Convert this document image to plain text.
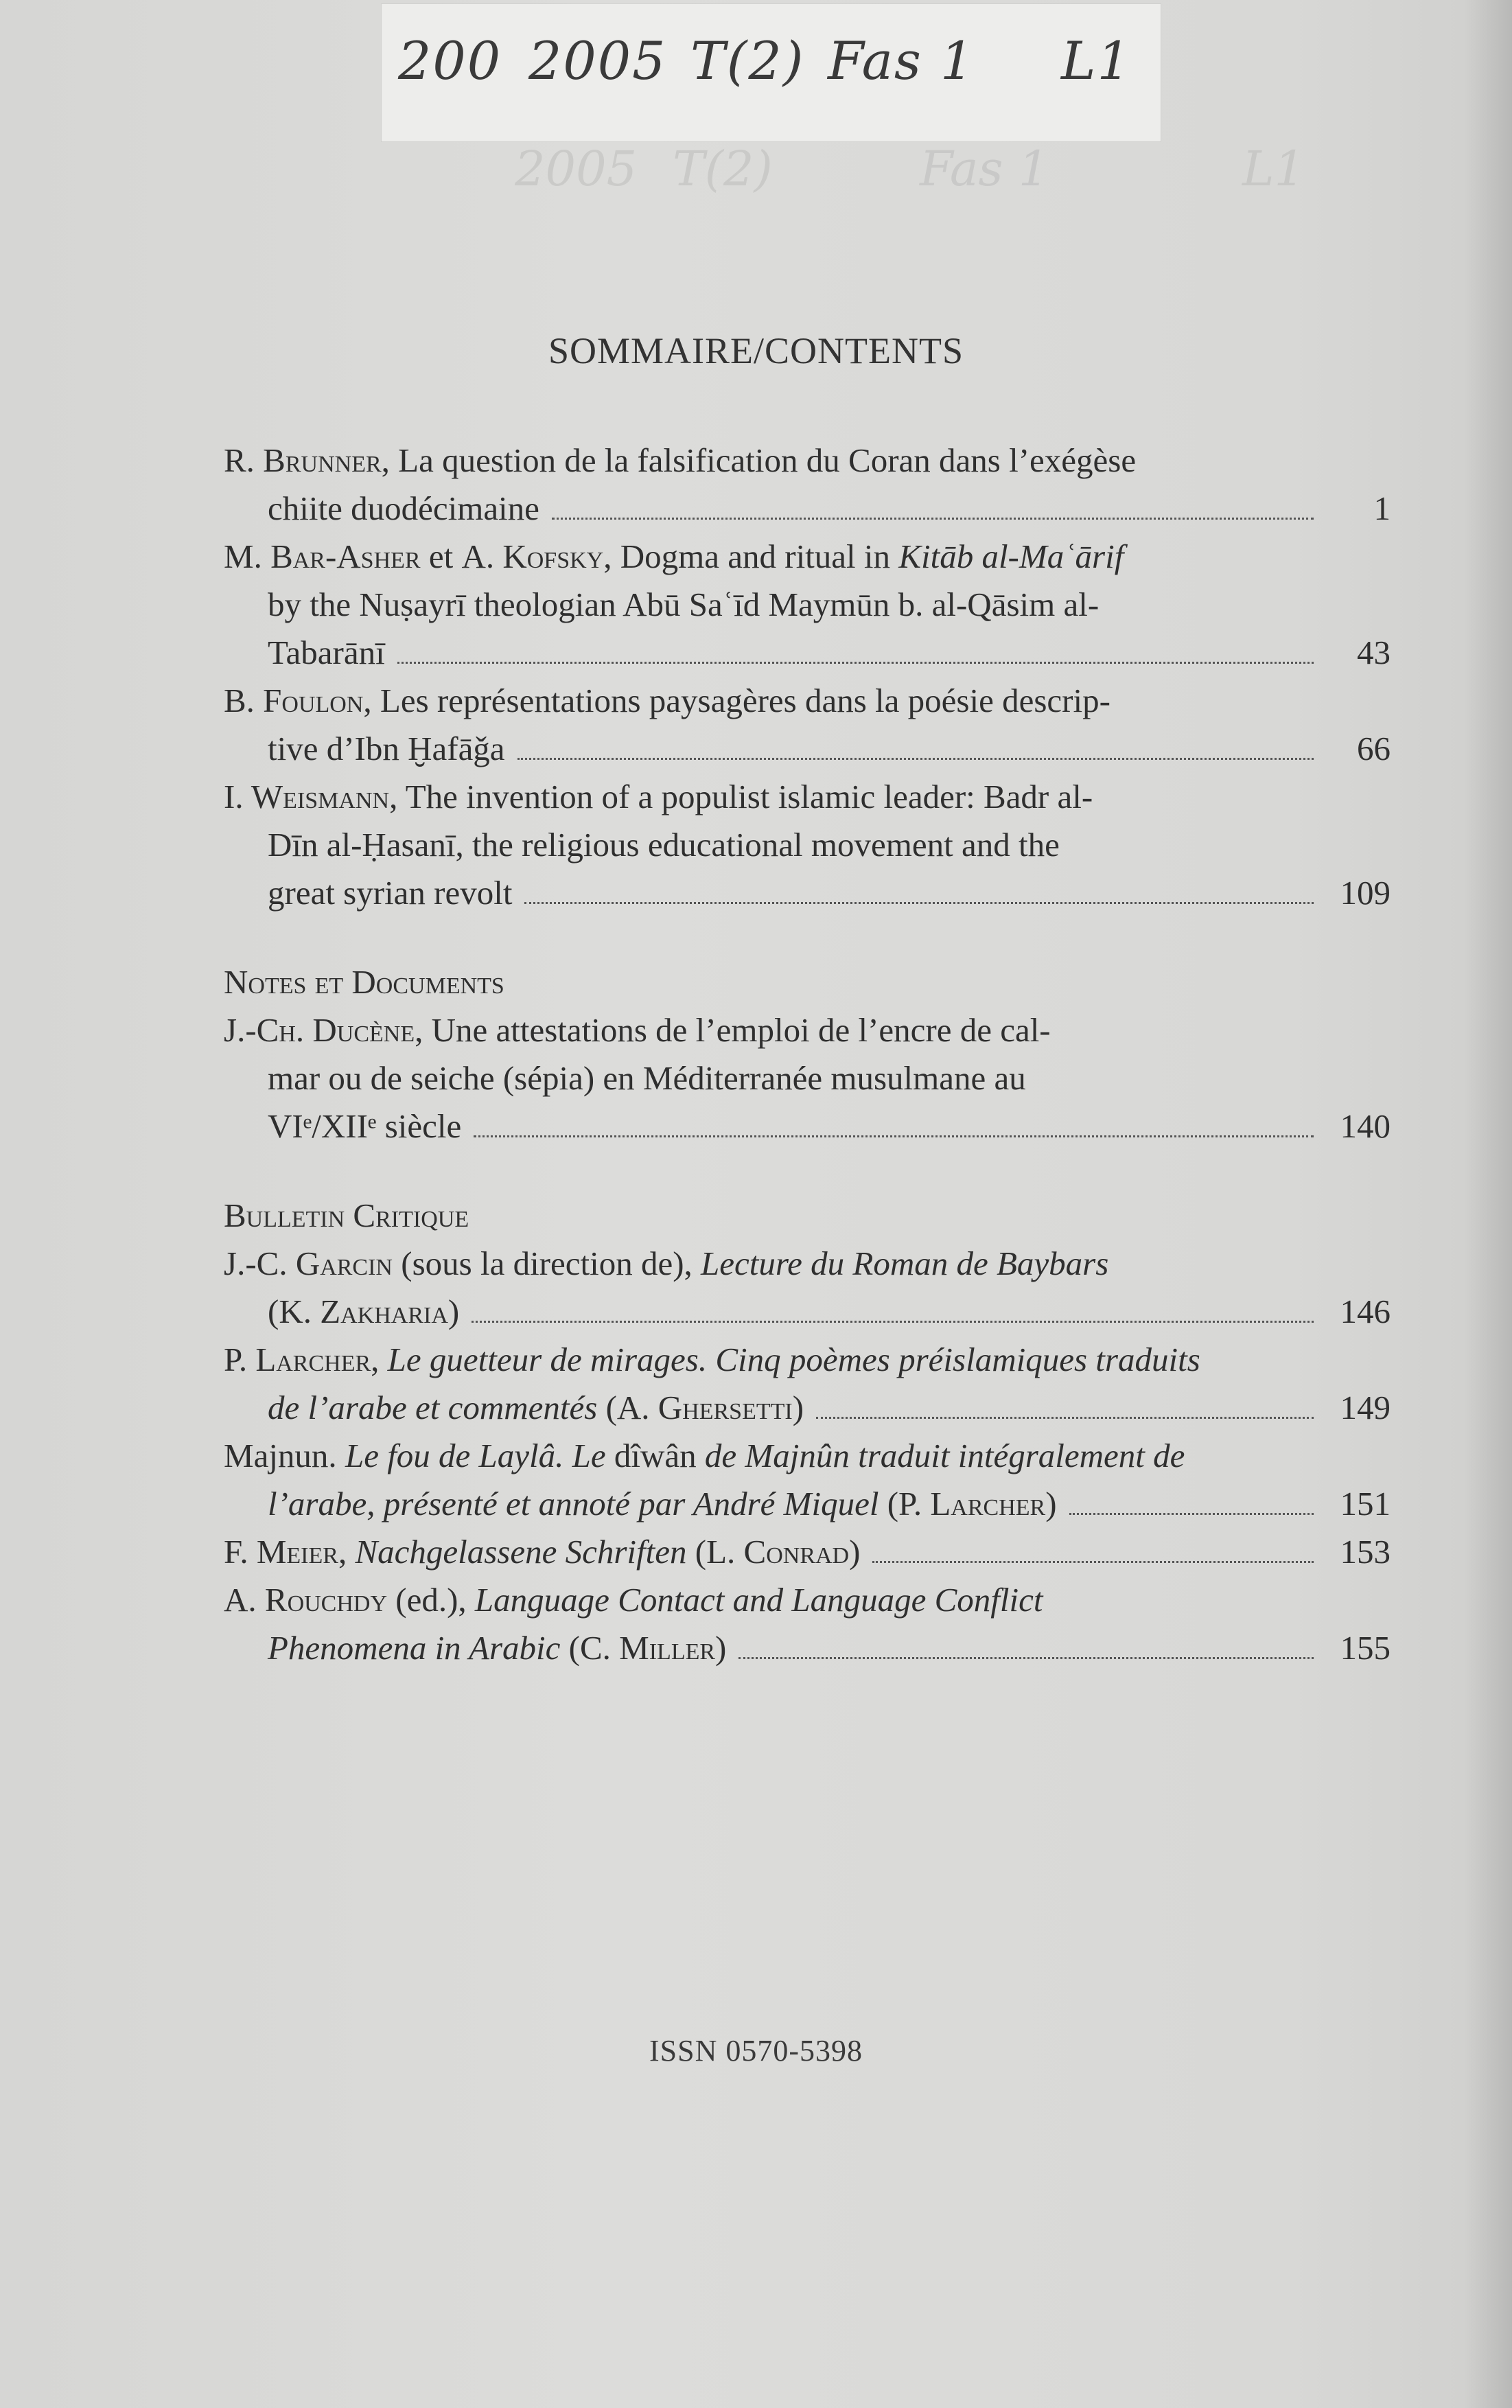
200 2005 T(2) Fas 1 L1
2005 T(2)	Fas 1	L1
SOMMAIRE/CONTENTS
R. Brunner, La question de la falsification du Coran dans l’exégèse
chiite duodécimaine	1
M. Bar-Asher et A. Kofsky, Dogma and ritual in Kitāb al-Maʿārif
by the Nuṣayrī theologian Abū Saʿīd Maymūn b. al-Qāsim al-
Tabarānī	43
B. Foulon, Les représentations paysagères dans la poésie descrip-
tive d’Ibn Ḫafāǧa	66
I. Weismann, The invention of a populist islamic leader: Badr al-
Dīn al-Ḥasanī, the religious educational movement and the
great syrian revolt	109
Notes et Documents
J.-Ch. Ducène, Une attestations de l’emploi de l’encre de cal-
mar ou de seiche (sépia) en Méditerranée musulmane au
VIᵉ/XIIᵉ siècle	140
Bulletin Critique
J.-C. Garcin (sous la direction de), Lecture du Roman de Baybars
(K. Zakharia)	146
P. Larcher, Le guetteur de mirages. Cinq poèmes préislamiques traduits
de l’arabe et commentés (A. Ghersetti)	149
Majnun. Le fou de Laylâ. Le dîwân de Majnûn traduit intégralement de
l’arabe, présenté et annoté par André Miquel (P. Larcher)	151
F. Meier, Nachgelassene Schriften (L. Conrad)	153
A. Rouchdy (ed.), Language Contact and Language Conflict
Phenomena in Arabic (C. Miller)	155
ISSN 0570-5398
